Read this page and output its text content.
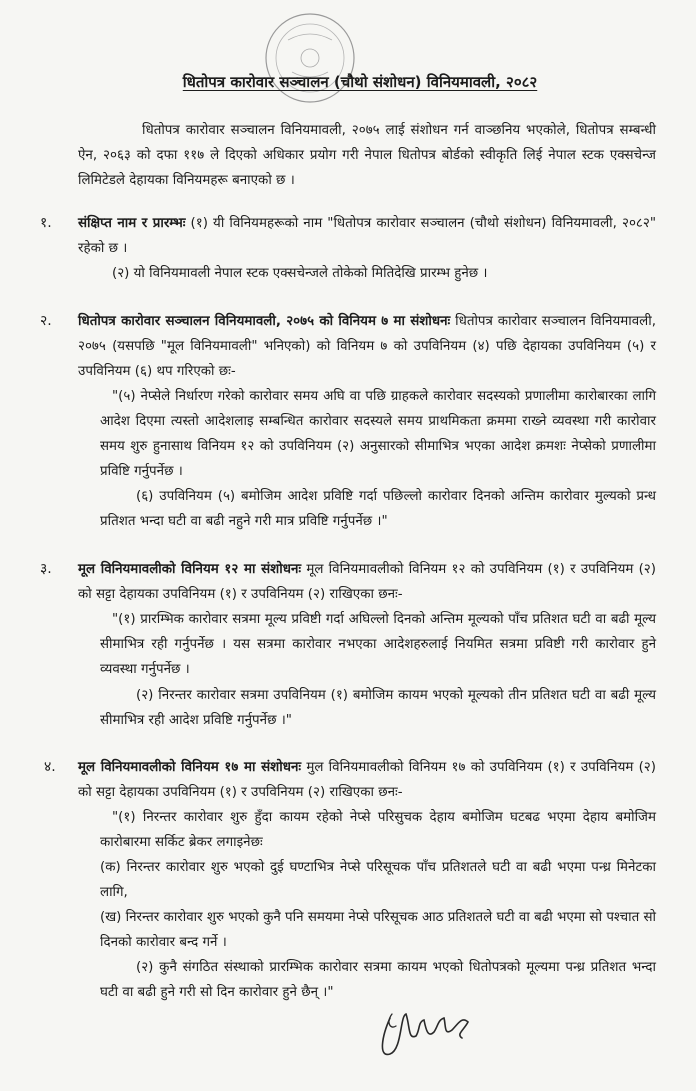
धितोपत्र कारोवार सञ्चालन (चौथो संशोधन) विनियमावली, २०८२
धितोपत्र कारोवार सञ्चालन विनियमावली, २०७५ लाई संशोधन गर्न वाञ्छनिय भएकोले, धितोपत्र सम्बन्धी ऐन, २०६३ को दफा ११७ ले दिएको अधिकार प्रयोग गरी नेपाल धितोपत्र बोर्डको स्वीकृति लिई नेपाल स्टक एक्सचेन्ज लिमिटेडले देहायका विनियमहरू बनाएको छ ।
१. संक्षिप्त नाम र प्रारम्भः (१) यी विनियमहरूको नाम "धितोपत्र कारोवार सञ्चालन (चौथो संशोधन) विनियमावली, २०८२" रहेको छ ।
(२) यो विनियमावली नेपाल स्टक एक्सचेन्जले तोकेको मितिदेखि प्रारम्भ हुनेछ ।
२. धितोपत्र कारोवार सञ्चालन विनियमावली, २०७५ को विनियम ७ मा संशोधनः धितोपत्र कारोवार सञ्चालन विनियमावली, २०७५ (यसपछि "मूल विनियमावली" भनिएको) को विनियम ७ को उपविनियम (४) पछि देहायका उपविनियम (५) र उपविनियम (६) थप गरिएको छः-
"(५) नेप्सेले निर्धारण गरेको कारोवार समय अघि वा पछि ग्राहकले कारोवार सदस्यको प्रणालीमा कारोबारका लागि आदेश दिएमा त्यस्तो आदेशलाइ सम्बन्धित कारोवार सदस्यले समय प्राथमिकता क्रममा राख्ने व्यवस्था गरी कारोवार समय शुरु हुनासाथ विनियम १२ को उपविनियम (२) अनुसारको सीमाभित्र भएका आदेश क्रमशः नेप्सेको प्रणालीमा प्रविष्टि गर्नुपर्नेछ ।
(६) उपविनियम (५) बमोजिम आदेश प्रविष्टि गर्दा पछिल्लो कारोवार दिनको अन्तिम कारोवार मुल्यको प्रन्ध प्रतिशत भन्दा घटी वा बढी नहुने गरी मात्र प्रविष्टि गर्नुपर्नेछ ।"
३. मूल विनियमावलीको विनियम १२ मा संशोधनः मूल विनियमावलीको विनियम १२ को उपविनियम (१) र उपविनियम (२) को सट्टा देहायका उपविनियम (१) र उपविनियम (२) राखिएका छनः-
"(१) प्रारम्भिक कारोवार सत्रमा मूल्य प्रविष्टी गर्दा अघिल्लो दिनको अन्तिम मूल्यको पाँच प्रतिशत घटी वा बढी मूल्य सीमाभित्र रही गर्नुपर्नेछ । यस सत्रमा कारोवार नभएका आदेशहरुलाई नियमित सत्रमा प्रविष्टी गरी कारोवार हुने व्यवस्था गर्नुपर्नेछ ।
(२) निरन्तर कारोवार सत्रमा उपविनियम (१) बमोजिम कायम भएको मूल्यको तीन प्रतिशत घटी वा बढी मूल्य सीमाभित्र रही आदेश प्रविष्टि गर्नुपर्नेछ ।"
४. मूल विनियमावलीको विनियम १७ मा संशोधनः मुल विनियमावलीको विनियम १७ को उपविनियम (१) र उपविनियम (२) को सट्टा देहायका उपविनियम (१) र उपविनियम (२) राखिएका छनः-
"(१) निरन्तर कारोवार शुरु हुँदा कायम रहेको नेप्से परिसुचक देहाय बमोजिम घटबढ भएमा देहाय बमोजिम कारोबारमा सर्किट ब्रेकर लगाइनेछः
(क) निरन्तर कारोवार शुरु भएको दुई घण्टाभित्र नेप्से परिसूचक पाँच प्रतिशतले घटी वा बढी भएमा पन्ध्र मिनेटका लागि,
(ख) निरन्तर कारोवार शुरु भएको कुनै पनि समयमा नेप्से परिसूचक आठ प्रतिशतले घटी वा बढी भएमा सो पश्चात सो दिनको कारोवार बन्द गर्ने ।
(२) कुनै संगठित संस्थाको प्रारम्भिक कारोवार सत्रमा कायम भएको धितोपत्रको मूल्यमा पन्ध्र प्रतिशत भन्दा घटी वा बढी हुने गरी सो दिन कारोवार हुने छैन् ।"
